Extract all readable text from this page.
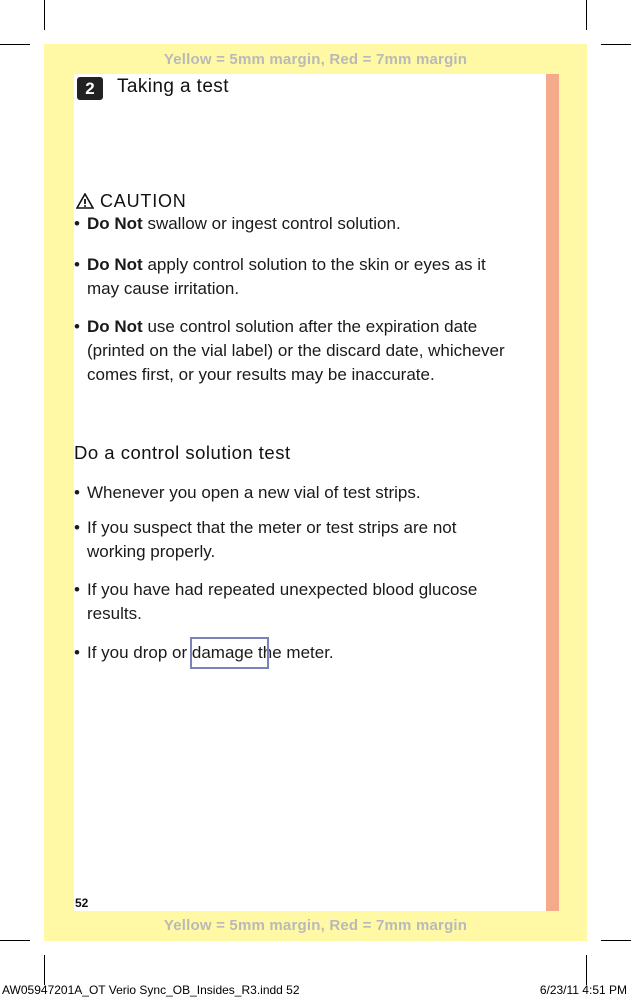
Yellow = 5mm margin, Red = 7mm margin
Yellow = 5mm margin, Red = 7mm margin
2	Taking a test
CAUTION
• Do Not swallow or ingest control solution.
• Do Not apply control solution to the skin or eyes as it
may cause irritation.
• Do Not use control solution after the expiration date
(printed on the vial label) or the discard date, whichever
comes first, or your results may be inaccurate.
Do a control solution test
• Whenever you open a new vial of test strips.
• If you suspect that the meter or test strips are not
working properly.
• If you have had repeated unexpected blood glucose
results.
• If you drop or damage the meter.
52
AW05947201A_OT Verio Sync_OB_Insides_R3.indd 52	6/23/11 4:51 PM
